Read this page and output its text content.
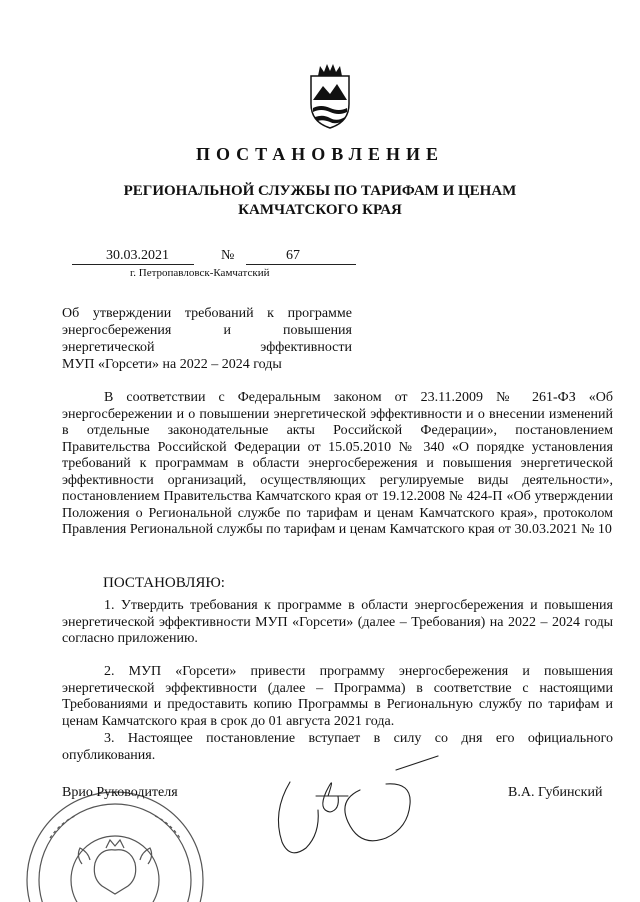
ПОСТАНОВЛЕНИЕ
РЕГИОНАЛЬНОЙ СЛУЖБЫ ПО ТАРИФАМ И ЦЕНАМ
КАМЧАТСКОГО КРАЯ
30.03.2021	№	67
г. Петропавловск-Камчатский
Об утверждении требований к программе
энергосбережения и повышения
энергетической эффективности
МУП «Горсети» на 2022 – 2024 годы
В соответствии с Федеральным законом от 23.11.2009 № 261-ФЗ «Об энергосбережении и о повышении энергетической эффективности и о внесении изменений в отдельные законодательные акты Российской Федерации», постановлением Правительства Российской Федерации от 15.05.2010 № 340 «О порядке установления требований к программам в области энергосбережения и повышения энергетической эффективности организаций, осуществляющих регулируемые виды деятельности», постановлением Правительства Камчатского края от 19.12.2008 № 424-П «Об утверждении Положения о Региональной службе по тарифам и ценам Камчатского края», протоколом Правления Региональной службы по тарифам и ценам Камчатского края от 30.03.2021 № 10
ПОСТАНОВЛЯЮ:
1. Утвердить требования к программе в области энергосбережения и повышения энергетической эффективности МУП «Горсети» (далее – Требования) на 2022 – 2024 годы согласно приложению.
2. МУП «Горсети» привести программу энергосбережения и повышения энергетической эффективности (далее – Программа) в соответствие с настоящими Требованиями и предоставить копию Программы в Региональную службу по тарифам и ценам Камчатского края в срок до 01 августа 2021 года.
3. Настоящее постановление вступает в силу со дня его официального опубликования.
Врио Руководителя	В.А. Губинский
